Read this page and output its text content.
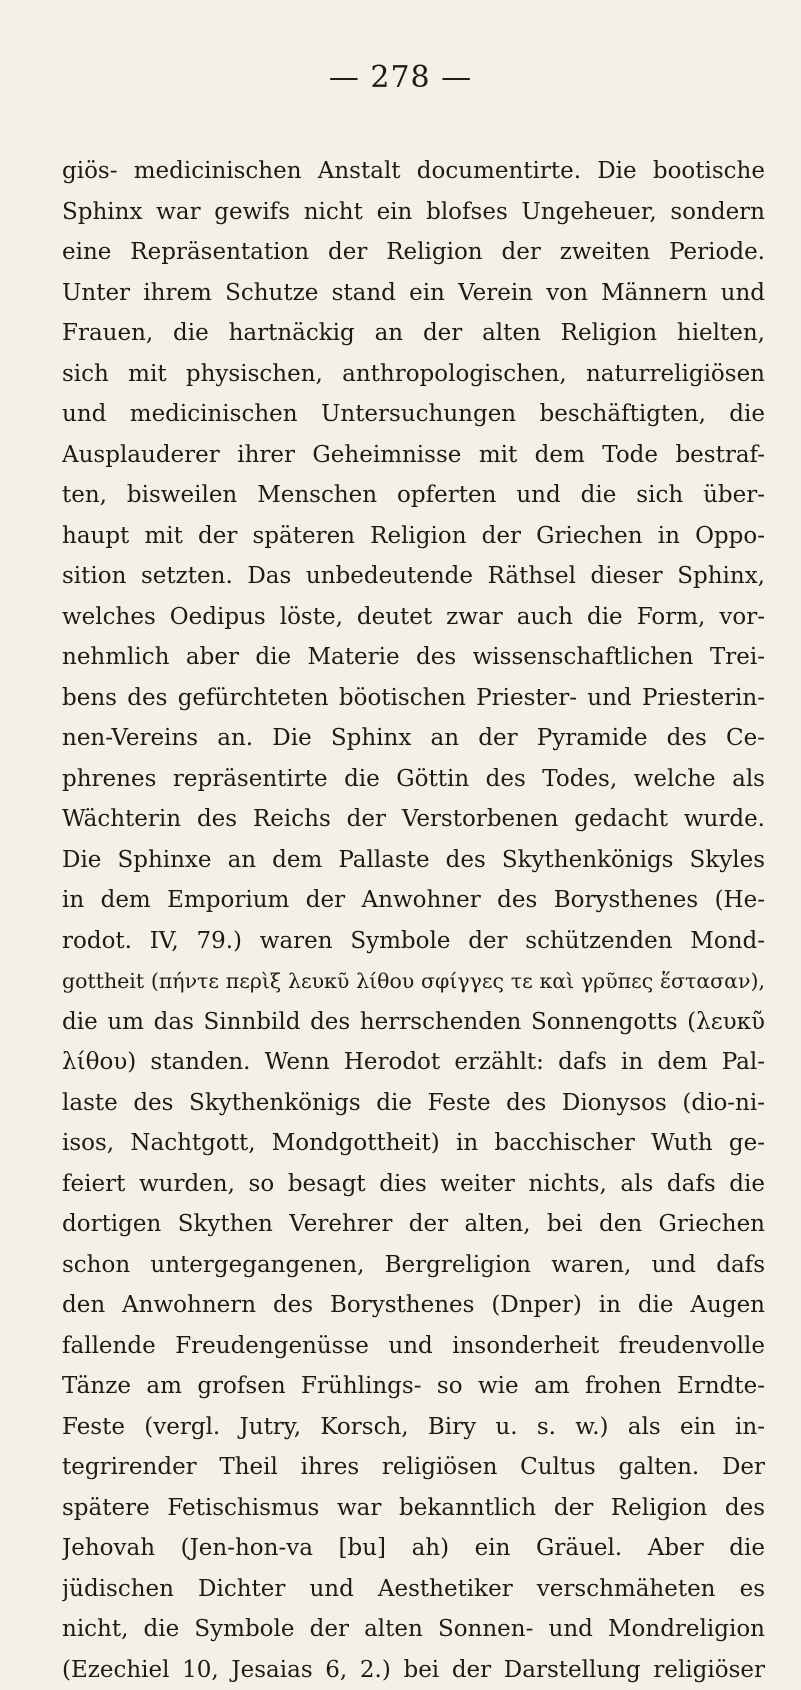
— 278 —
giös- medicinischen Anstalt documentirte. Die bootische
Sphinx war gewifs nicht ein blofses Ungeheuer, sondern
eine Repräsentation der Religion der zweiten Periode.
Unter ihrem Schutze stand ein Verein von Männern und
Frauen, die hartnäckig an der alten Religion hielten,
sich mit physischen, anthropologischen, naturreligiösen
und medicinischen Untersuchungen beschäftigten, die
Ausplauderer ihrer Geheimnisse mit dem Tode bestraf-
ten, bisweilen Menschen opferten und die sich über-
haupt mit der späteren Religion der Griechen in Oppo-
sition setzten. Das unbedeutende Räthsel dieser Sphinx,
welches Oedipus löste, deutet zwar auch die Form, vor-
nehmlich aber die Materie des wissenschaftlichen Trei-
bens des gefürchteten böotischen Priester- und Priesterin-
nen-Vereins an. Die Sphinx an der Pyramide des Ce-
phrenes repräsentirte die Göttin des Todes, welche als
Wächterin des Reichs der Verstorbenen gedacht wurde.
Die Sphinxe an dem Pallaste des Skythenkönigs Skyles
in dem Emporium der Anwohner des Borysthenes (He-
rodot. IV, 79.) waren Symbole der schützenden Mond-
gottheit (πήντε περὶξ λευκῦ λίθου σφίγγες τε καὶ γρῦπες ἕστασαν),
die um das Sinnbild des herrschenden Sonnengotts (λευκῦ
λίθου) standen. Wenn Herodot erzählt: dafs in dem Pal-
laste des Skythenkönigs die Feste des Dionysos (dio-ni-
isos, Nachtgott, Mondgottheit) in bacchischer Wuth ge-
feiert wurden, so besagt dies weiter nichts, als dafs die
dortigen Skythen Verehrer der alten, bei den Griechen
schon untergegangenen, Bergreligion waren, und dafs
den Anwohnern des Borysthenes (Dnper) in die Augen
fallende Freudengenüsse und insonderheit freudenvolle
Tänze am grofsen Frühlings- so wie am frohen Erndte-
Feste (vergl. Jutry, Korsch, Biry u. s. w.) als ein in-
tegrirender Theil ihres religiösen Cultus galten. Der
spätere Fetischismus war bekanntlich der Religion des
Jehovah (Jen-hon-va [bu] ah) ein Gräuel. Aber die
jüdischen Dichter und Aesthetiker verschmäheten es
nicht, die Symbole der alten Sonnen- und Mondreligion
(Ezechiel 10, Jesaias 6, 2.) bei der Darstellung religiöser
